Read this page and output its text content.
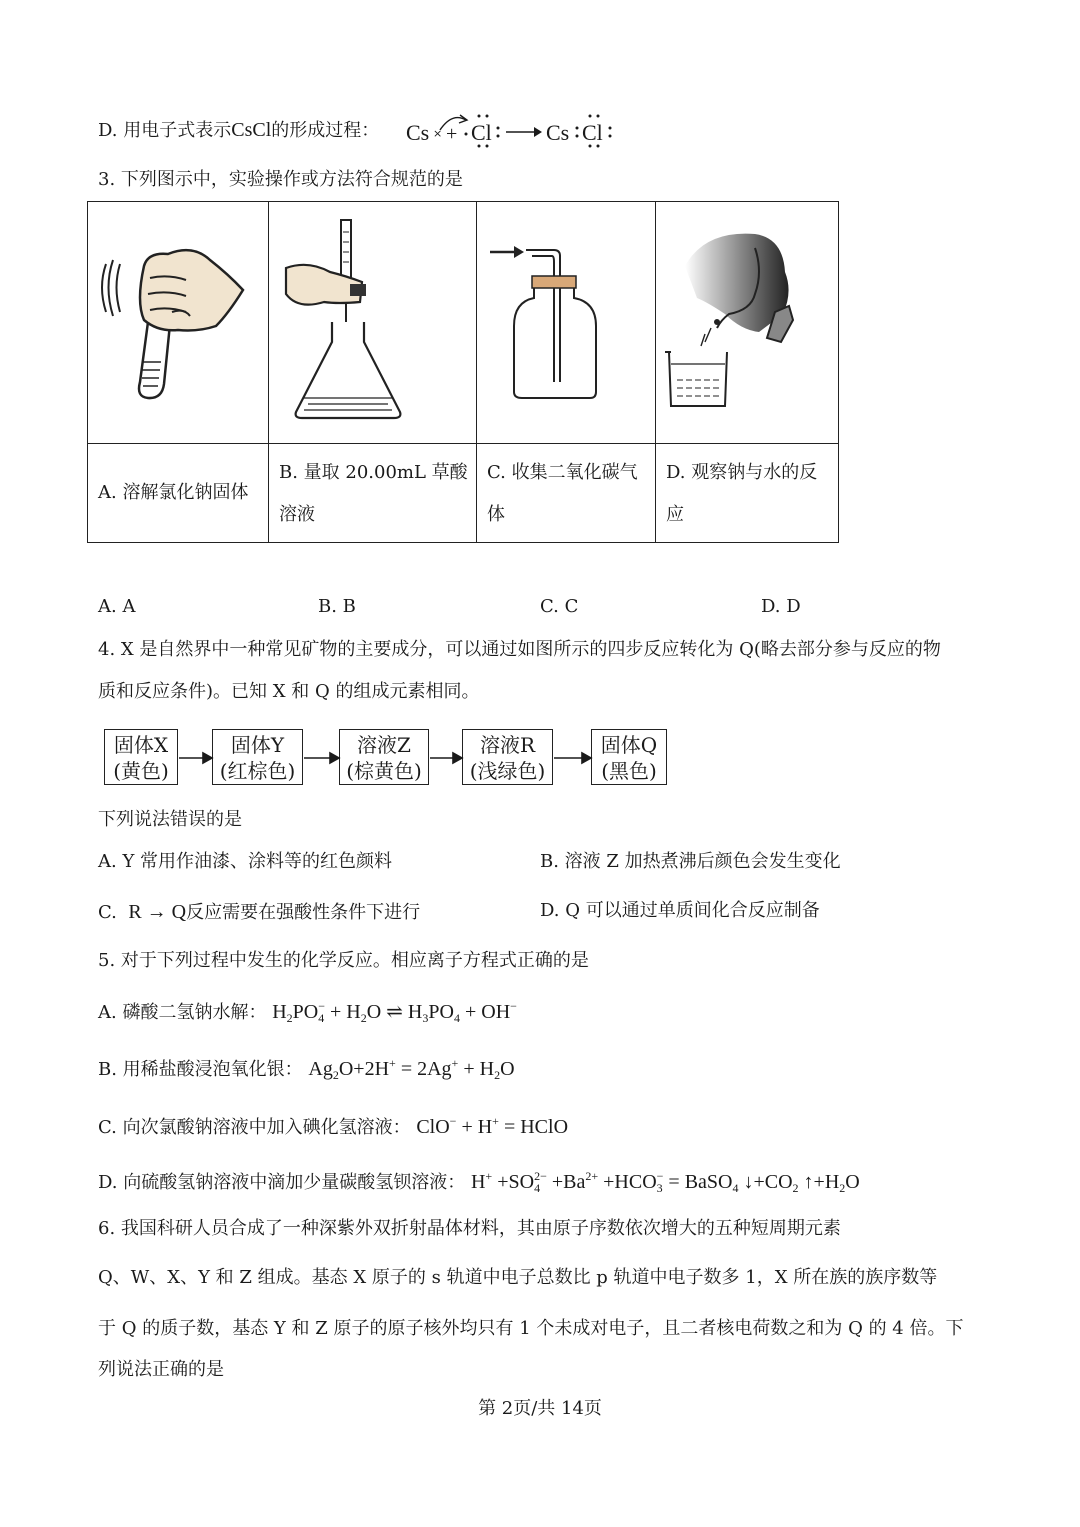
D. 用电子式表示CsCl的形成过程： Cs × + Cl Cs Cl
3. 下列图示中，实验操作或方法符合规范的是
A. 溶解氯化钠固体
B. 量取 20.00mL 草酸
溶液
C. 收集二氧化碳气
体
D. 观察钠与水的反
应
A. A	B. B	C. C	D. D
4. X 是自然界中一种常见矿物的主要成分，可以通过如图所示的四步反应转化为 Q(略去部分参与反应的物
质和反应条件)。已知 X 和 Q 的组成元素相同。
固体X
(黄色)
固体Y
(红棕色)
溶液Z
(棕黄色)
溶液R
(浅绿色)
固体Q
(黑色)
下列说法错误的是
A. Y 常用作油漆、涂料等的红色颜料	B. 溶液 Z 加热煮沸后颜色会发生变化
C. R → Q反应需要在强酸性条件下进行	D. Q 可以通过单质间化合反应制备
5. 对于下列过程中发生的化学反应。相应离子方程式正确的是
A. 磷酸二氢钠水解： $H_2PO_4^- + H_2O$ ⇌ $H_3PO_4 + OH^-$
B. 用稀盐酸浸泡氧化银： $Ag_2O+2H^+ = 2Ag^+ + H_2O$
C. 向次氯酸钠溶液中加入碘化氢溶液： ClO− + H+ = HClO
D. 向硫酸氢钠溶液中滴加少量碳酸氢钡溶液： $H^+ +SO_4^{2-} +Ba^{2+} +HCO_3^-$ = BaSO$_4$ $↓+CO_2$ $↑+H_2O$
6. 我国科研人员合成了一种深紫外双折射晶体材料，其由原子序数依次增大的五种短周期元素
Q、W、X、Y 和 Z 组成。基态 X 原子的 s 轨道中电子总数比 p 轨道中电子数多 1，X 所在族的族序数等
于 Q 的质子数，基态 Y 和 Z 原子的原子核外均只有 1 个未成对电子，且二者核电荷数之和为 Q 的 4 倍。下
列说法正确的是
第 2页/共 14页
